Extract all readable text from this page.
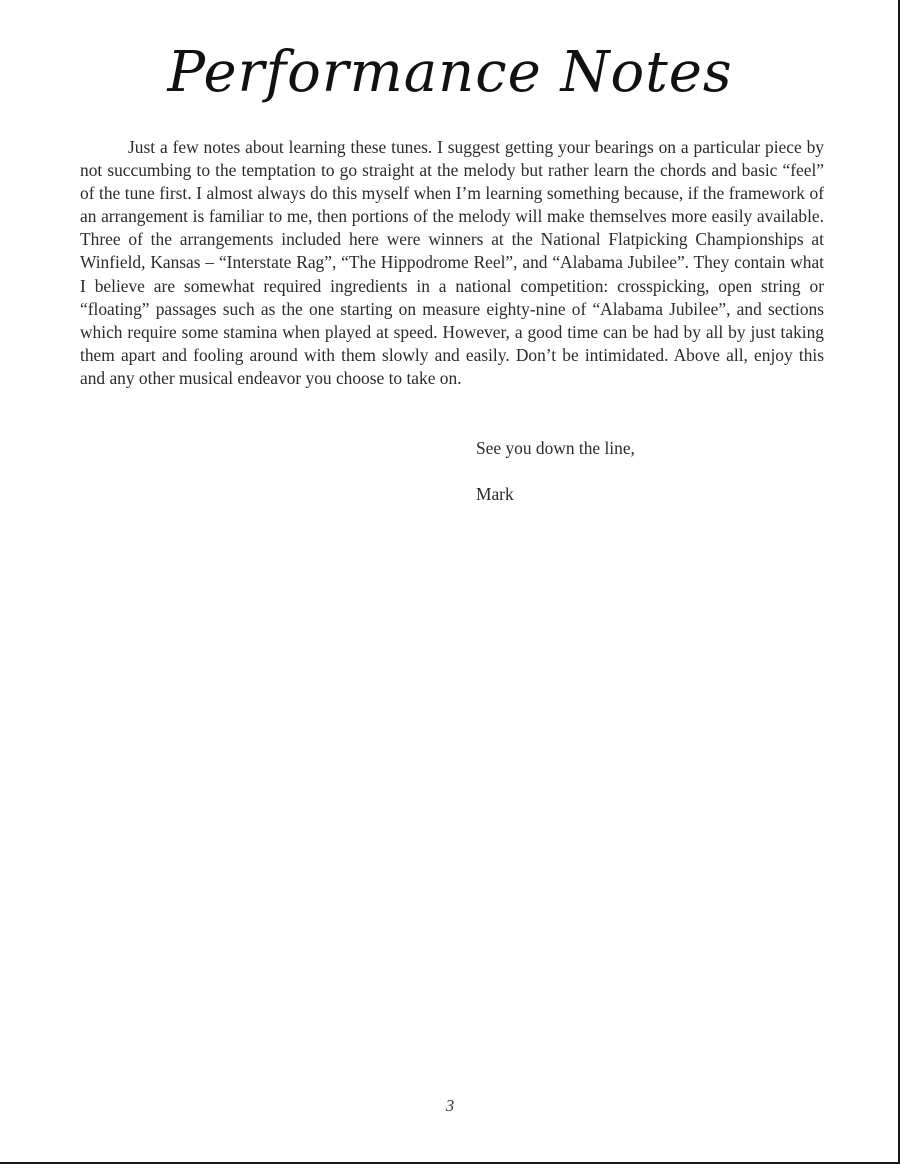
Performance Notes

Just a few notes about learning these tunes. I suggest getting your bearings on a particular piece by not succumbing to the temptation to go straight at the melody but rather learn the chords and basic “feel” of the tune first. I almost always do this myself when I’m learning something because, if the framework of an arrangement is familiar to me, then portions of the melody will make themselves more easily available. Three of the arrangements included here were winners at the National Flatpicking Championships at Winfield, Kansas – “Interstate Rag”, “The Hippodrome Reel”, and “Alabama Jubilee”. They contain what I believe are somewhat required ingredients in a national competition: crosspicking, open string or “floating” passages such as the one starting on measure eighty-nine of “Alabama Jubilee”, and sections which require some stamina when played at speed. However, a good time can be had by all by just taking them apart and fooling around with them slowly and easily. Don’t be intimidated. Above all, enjoy this and any other musical endeavor you choose to take on.

See you down the line,

Mark

3
